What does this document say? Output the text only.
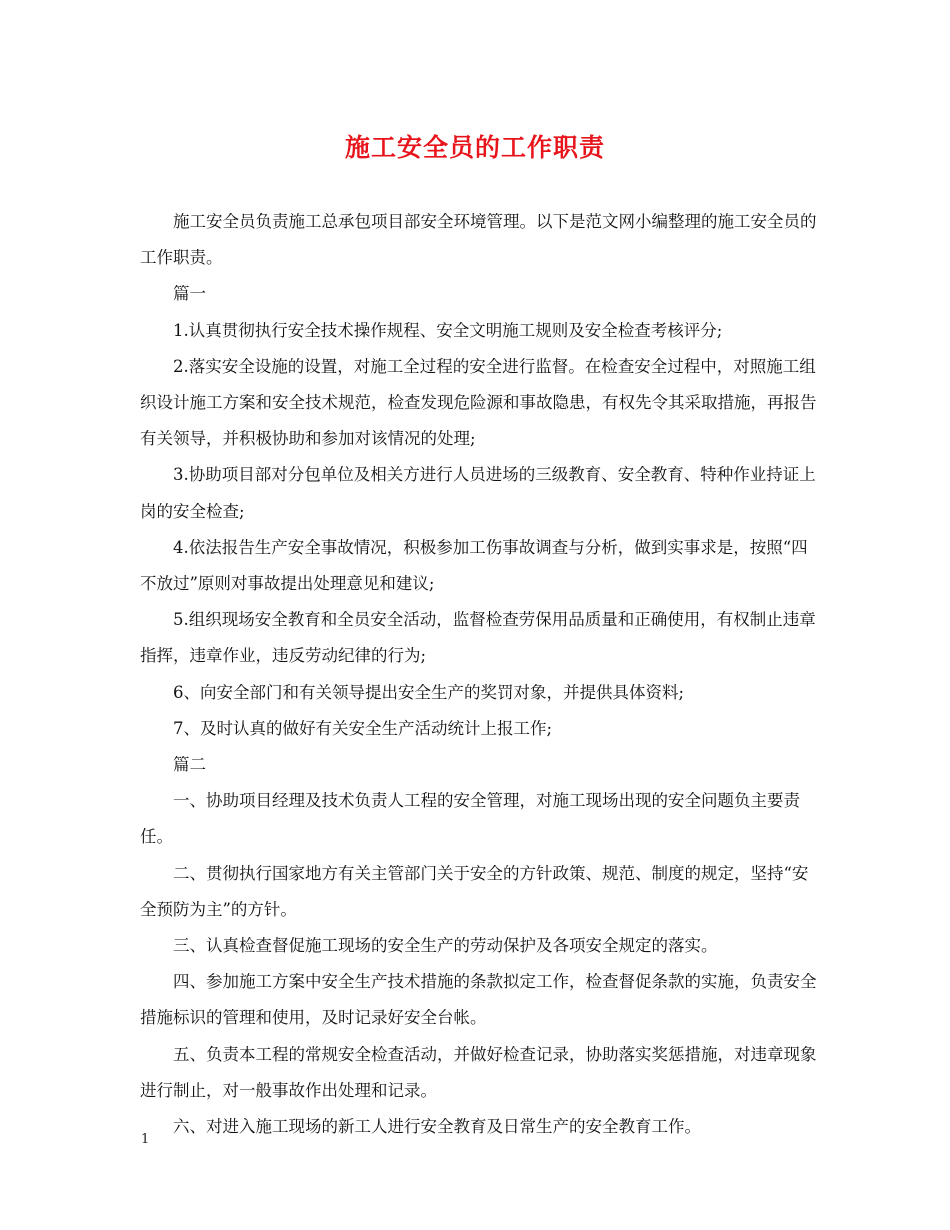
施工安全员的工作职责

施工安全员负责施工总承包项目部安全环境管理。以下是范文网小编整理的施工安全员的工作职责。

篇一

1.认真贯彻执行安全技术操作规程、安全文明施工规则及安全检查考核评分;

2.落实安全设施的设置，对施工全过程的安全进行监督。在检查安全过程中，对照施工组织设计施工方案和安全技术规范，检查发现危险源和事故隐患，有权先令其采取措施，再报告有关领导，并积极协助和参加对该情况的处理;

3.协助项目部对分包单位及相关方进行人员进场的三级教育、安全教育、特种作业持证上岗的安全检查;

4.依法报告生产安全事故情况，积极参加工伤事故调查与分析，做到实事求是，按照“四不放过”原则对事故提出处理意见和建议;

5.组织现场安全教育和全员安全活动，监督检查劳保用品质量和正确使用，有权制止违章指挥，违章作业，违反劳动纪律的行为;

6、向安全部门和有关领导提出安全生产的奖罚对象，并提供具体资料;

7、及时认真的做好有关安全生产活动统计上报工作;

篇二

一、协助项目经理及技术负责人工程的安全管理，对施工现场出现的安全问题负主要责任。

二、贯彻执行国家地方有关主管部门关于安全的方针政策、规范、制度的规定，坚持“安全预防为主”的方针。

三、认真检查督促施工现场的安全生产的劳动保护及各项安全规定的落实。

四、参加施工方案中安全生产技术措施的条款拟定工作，检查督促条款的实施，负责安全措施标识的管理和使用，及时记录好安全台帐。

五、负责本工程的常规安全检查活动，并做好检查记录，协助落实奖惩措施，对违章现象进行制止，对一般事故作出处理和记录。

六、对进入施工现场的新工人进行安全教育及日常生产的安全教育工作。

1
